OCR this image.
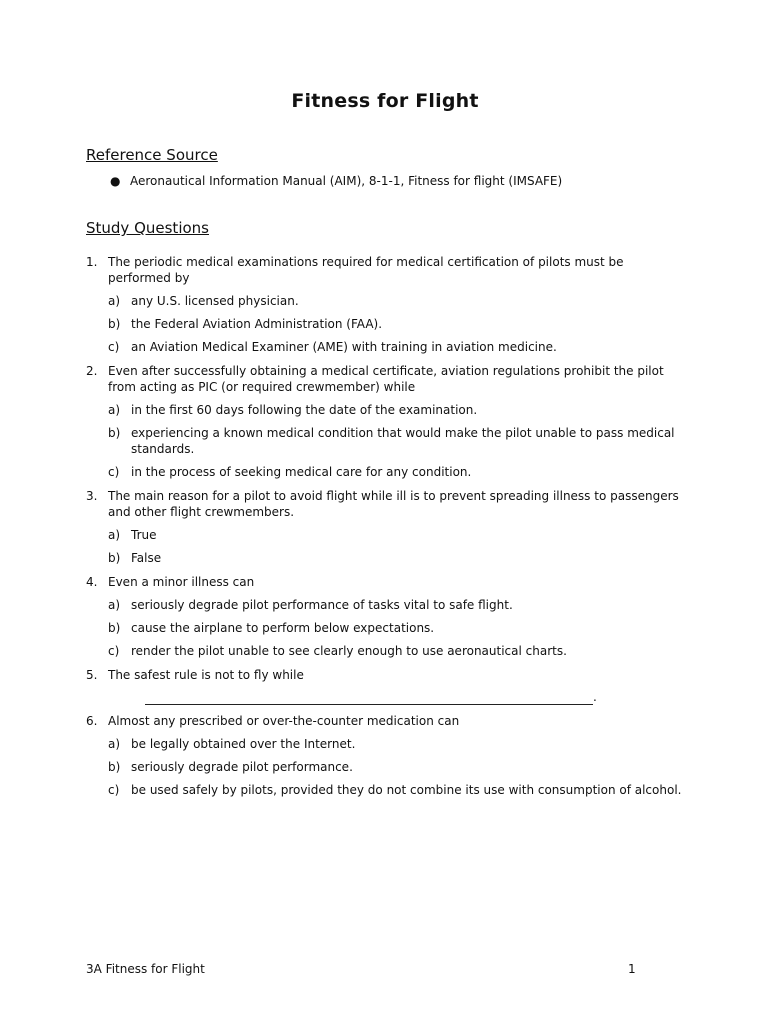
Fitness for Flight
Reference Source
● Aeronautical Information Manual (AIM), 8-1-1, Fitness for flight (IMSAFE)
Study Questions
1. The periodic medical examinations required for medical certification of pilots must be performed by
a) any U.S. licensed physician.
b) the Federal Aviation Administration (FAA).
c) an Aviation Medical Examiner (AME) with training in aviation medicine.
2. Even after successfully obtaining a medical certificate, aviation regulations prohibit the pilot from acting as PIC (or required crewmember) while
a) in the first 60 days following the date of the examination.
b) experiencing a known medical condition that would make the pilot unable to pass medical standards.
c) in the process of seeking medical care for any condition.
3. The main reason for a pilot to avoid flight while ill is to prevent spreading illness to passengers and other flight crewmembers.
a) True
b) False
4. Even a minor illness can
a) seriously degrade pilot performance of tasks vital to safe flight.
b) cause the airplane to perform below expectations.
c) render the pilot unable to see clearly enough to use aeronautical charts.
5. The safest rule is not to fly while
.
6. Almost any prescribed or over-the-counter medication can
a) be legally obtained over the Internet.
b) seriously degrade pilot performance.
c) be used safely by pilots, provided they do not combine its use with consumption of alcohol.
3A Fitness for Flight	1
